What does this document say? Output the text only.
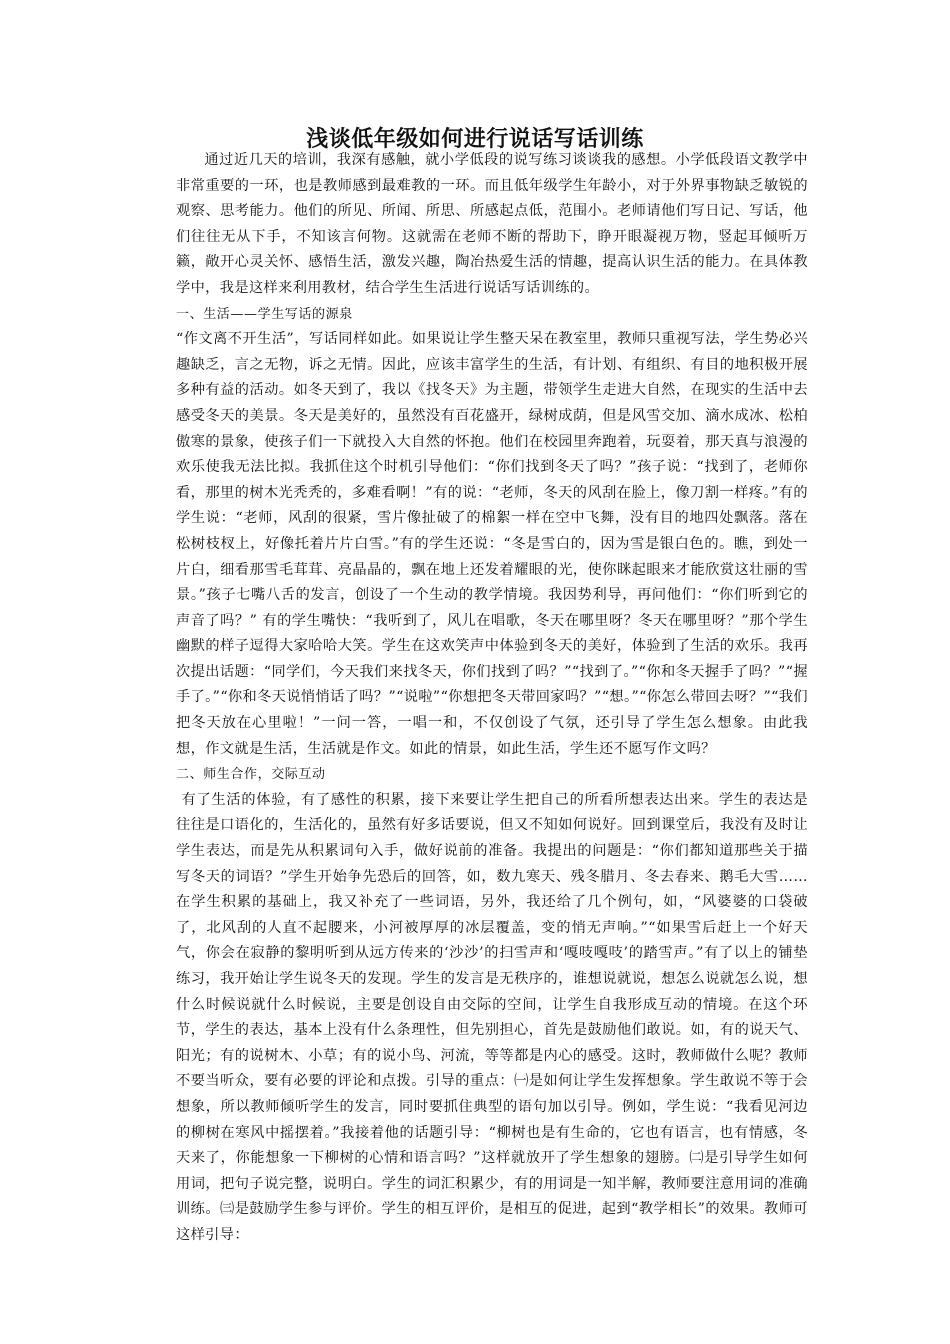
浅谈低年级如何进行说话写话训练

通过近几天的培训，我深有感触，就小学低段的说写练习谈谈我的感想。小学低段语文教学中非常重要的一环，也是教师感到最难教的一环。而且低年级学生年龄小，对于外界事物缺乏敏锐的观察、思考能力。他们的所见、所闻、所思、所感起点低，范围小。老师请他们写日记、写话，他们往往无从下手，不知该言何物。这就需在老师不断的帮助下，睁开眼凝视万物，竖起耳倾听万籁，敞开心灵关怀、感悟生活，激发兴趣，陶冶热爱生活的情趣，提高认识生活的能力。在具体教学中，我是这样来利用教材，结合学生生活进行说话写话训练的。

一、生活——学生写话的源泉

“作文离不开生活”，写话同样如此。如果说让学生整天呆在教室里，教师只重视写法，学生势必兴趣缺乏，言之无物，诉之无情。因此，应该丰富学生的生活，有计划、有组织、有目的地积极开展多种有益的活动。如冬天到了，我以《找冬天》为主题，带领学生走进大自然，在现实的生活中去感受冬天的美景。冬天是美好的，虽然没有百花盛开，绿树成荫，但是风雪交加、滴水成冰、松柏傲寒的景象，使孩子们一下就投入大自然的怀抱。他们在校园里奔跑着，玩耍着，那天真与浪漫的欢乐使我无法比拟。我抓住这个时机引导他们：“你们找到冬天了吗？”孩子说：“找到了，老师你看，那里的树木光秃秃的，多难看啊！”有的说：“老师，冬天的风刮在脸上，像刀割一样疼。”有的学生说：“老师，风刮的很紧，雪片像扯破了的棉絮一样在空中飞舞，没有目的地四处飘落。落在松树枝杈上，好像托着片片白雪。”有的学生还说：“冬是雪白的，因为雪是银白色的。瞧，到处一片白，细看那雪毛茸茸、亮晶晶的，飘在地上还发着耀眼的光，使你眯起眼来才能欣赏这壮丽的雪景。”孩子七嘴八舌的发言，创设了一个生动的教学情境。我因势利导，再问他们：“你们听到它的声音了吗？” 有的学生嘴快：“我听到了，风儿在唱歌，冬天在哪里呀？冬天在哪里呀？”那个学生幽默的样子逗得大家哈哈大笑。学生在这欢笑声中体验到冬天的美好，体验到了生活的欢乐。我再次提出话题：“同学们，今天我们来找冬天，你们找到了吗？”“找到了。”“你和冬天握手了吗？”“握手了。”“你和冬天说悄悄话了吗？”“说啦”“你想把冬天带回家吗？”“想。”“你怎么带回去呀？”“我们把冬天放在心里啦！”一问一答，一唱一和，不仅创设了气氛，还引导了学生怎么想象。由此我想，作文就是生活，生活就是作文。如此的情景，如此生活，学生还不愿写作文吗？

二、师生合作，交际互动

有了生活的体验，有了感性的积累，接下来要让学生把自己的所看所想表达出来。学生的表达是往往是口语化的，生活化的，虽然有好多话要说，但又不知如何说好。回到课堂后，我没有及时让学生表达，而是先从积累词句入手，做好说前的准备。我提出的问题是：“你们都知道那些关于描写冬天的词语？”学生开始争先恐后的回答，如，数九寒天、残冬腊月、冬去春来、鹅毛大雪……在学生积累的基础上，我又补充了一些词语，另外，我还给了几个例句，如，“风婆婆的口袋破了，北风刮的人直不起腰来，小河被厚厚的冰层覆盖，变的悄无声响。”“如果雪后赶上一个好天气，你会在寂静的黎明听到从远方传来的‘沙沙’的扫雪声和‘嘎吱嘎吱’的踏雪声。”有了以上的铺垫练习，我开始让学生说冬天的发现。学生的发言是无秩序的，谁想说就说，想怎么说就怎么说，想什么时候说就什么时候说，主要是创设自由交际的空间，让学生自我形成互动的情境。在这个环节，学生的表达，基本上没有什么条理性，但先别担心，首先是鼓励他们敢说。如，有的说天气、阳光；有的说树木、小草；有的说小鸟、河流，等等都是内心的感受。这时，教师做什么呢？教师不要当听众，要有必要的评论和点拨。引导的重点：㈠是如何让学生发挥想象。学生敢说不等于会想象，所以教师倾听学生的发言，同时要抓住典型的语句加以引导。例如，学生说：“我看见河边的柳树在寒风中摇摆着。”我接着他的话题引导：“柳树也是有生命的，它也有语言，也有情感，冬天来了，你能想象一下柳树的心情和语言吗？”这样就放开了学生想象的翅膀。㈡是引导学生如何用词，把句子说完整，说明白。学生的词汇积累少，有的用词是一知半解，教师要注意用词的准确训练。㈢是鼓励学生参与评价。学生的相互评价，是相互的促进，起到“教学相长”的效果。教师可这样引导：
